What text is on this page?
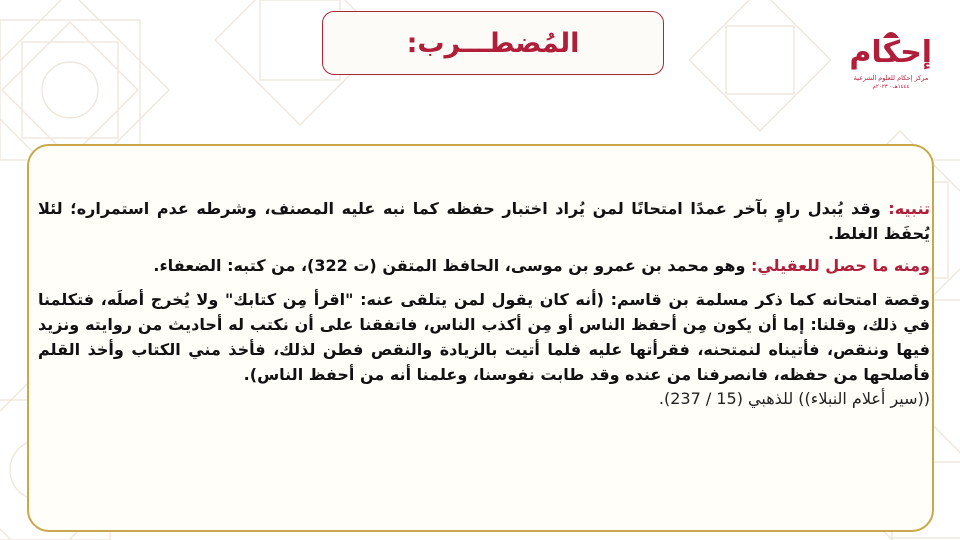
المُضطـــرب:	إحكام
مركز إحكام للعلوم الشرعية
١٤٤٤هـ - ٢٠٢٣م

تنبيه: وقد يُبدل راوٍ بآخر عمدًا امتحانًا لمن يُراد اختبار حفظه كما نبه عليه المصنف، وشرطه عدم استمراره؛ لئلا يُحفَظ الغلط.

ومنه ما حصل للعقيلي: وهو محمد بن عمرو بن موسى، الحافظ المتقن (ت 322)، من كتبه: الضعفاء.

وقصة امتحانه كما ذكر مسلمة بن قاسم: (أنه كان يقول لمن يتلقى عنه: "اقرأ مِن كتابك" ولا يُخرج أصلَه، فتكلمنا في ذلك، وقلنا: إما أن يكون مِن أحفظ الناس أو مِن أكذب الناس، فاتفقنا على أن نكتب له أحاديث من روايته ونزيد فيها وننقص، فأتيناه لنمتحنه، فقرأتها عليه فلما أتيت بالزيادة والنقص فطن لذلك، فأخذ مني الكتاب وأخذ القلم فأصلحها من حفظه، فانصرفنا من عنده وقد طابت نفوسنا، وعلمنا أنه من أحفظ الناس).

((سير أعلام النبلاء)) للذهبي (15 / 237).
